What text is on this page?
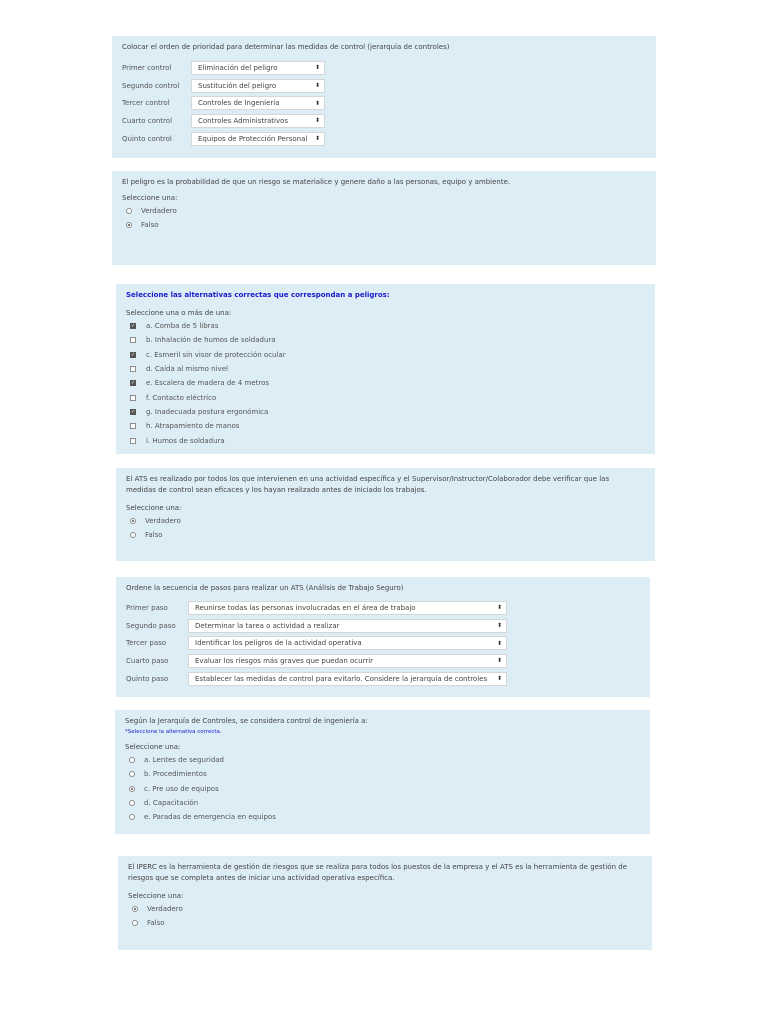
Colocar el orden de prioridad para determinar las medidas de control (jerarquía de controles)

Primer control	Eliminación del peligro	⬍
Segundo control	Sustitución del peligro	⬍
Tercer control	Controles de Ingeniería	⬍
Cuarto control	Controles Administrativos	⬍
Quinto control	Equipos de Protección Personal ⬍

El peligro es la probabilidad de que un riesgo se materialice y genere daño a las personas, equipo y ambiente.

Seleccione una:

Verdadero
Falso

Seleccione las alternativas correctas que correspondan a peligros:

Seleccione una o más de una:

✓
a. Comba de 5 libras
b. Inhalación de humos de soldadura
✓
c. Esmeril sin visor de protección ocular
d. Caída al mismo nivel
✓
e. Escalera de madera de 4 metros
f. Contacto eléctrico
✓
g. Inadecuada postura ergonómica
h. Atrapamiento de manos
i. Humos de soldadura

El ATS es realizado por todos los que intervienen en una actividad específica y el Supervisor/Instructor/Colaborador debe verificar que las
medidas de control sean eficaces y los hayan realizado antes de iniciado los trabajos.

Seleccione una:

Verdadero
Falso

Ordene la secuencia de pasos para realizar un ATS (Análisis de Trabajo Seguro)

Primer paso	Reunirse todas las personas involucradas en el área de trabajo	⬍
Segundo paso	Determinar la tarea o actividad a realizar	⬍
Tercer paso	Identificar los peligros de la actividad operativa	⬍
Cuarto paso	Evaluar los riesgos más graves que puedan ocurrir	⬍
Quinto paso	Establecer las medidas de control para evitarlo. Considere la jerarquía de controles ⬍

Según la Jerarquía de Controles, se considera control de ingeniería a:

*Seleccione la alternativa correcta.

Seleccione una:

a. Lentes de seguridad
b. Procedimientos
c. Pre uso de equipos
d. Capacitación
e. Paradas de emergencia en equipos

El IPERC es la herramienta de gestión de riesgos que se realiza para todos los puestos de la empresa y el ATS es la herramienta de gestión de
riesgos que se completa antes de iniciar una actividad operativa específica.

Seleccione una:

Verdadero
Falso
